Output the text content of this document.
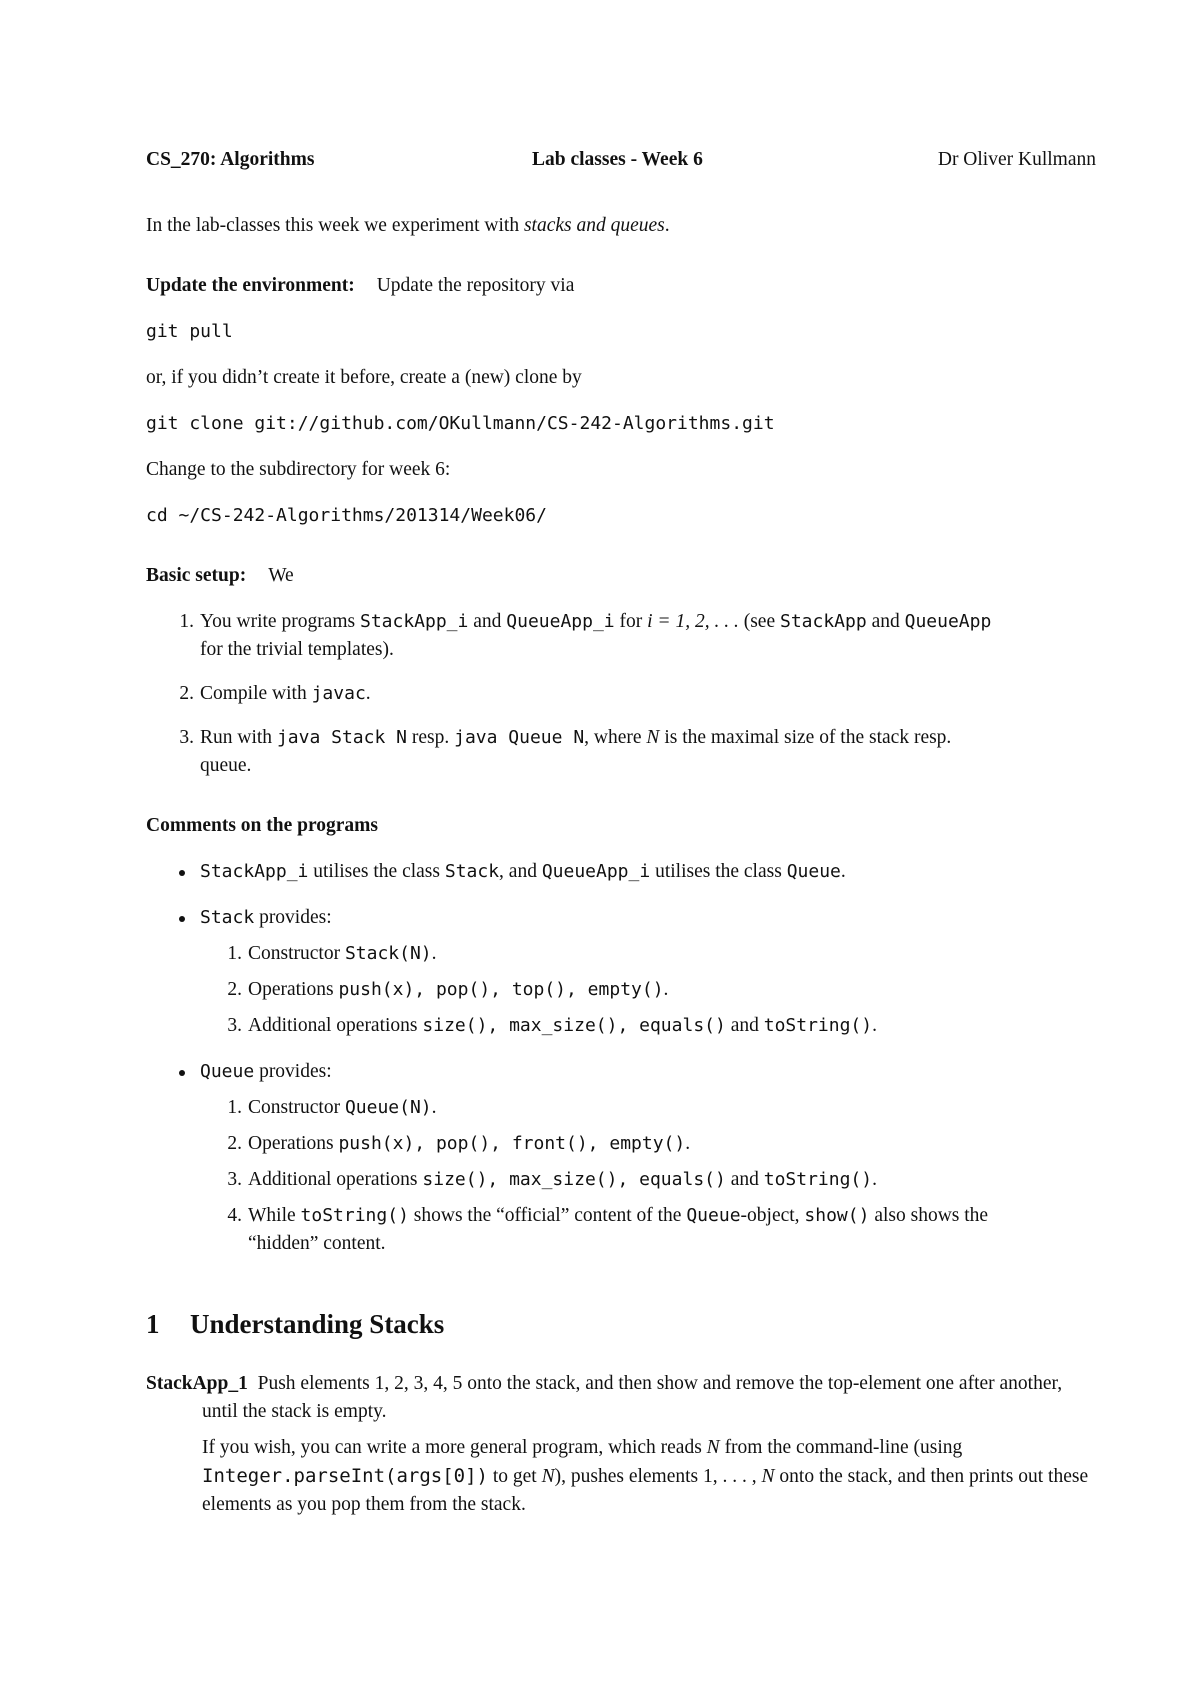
CS_270: Algorithms	Lab classes - Week 6	Dr Oliver Kullmann
In the lab-classes this week we experiment with stacks and queues.
Update the environment: Update the repository via
git pull
or, if you didn’t create it before, create a (new) clone by
git clone git://github.com/OKullmann/CS-242-Algorithms.git
Change to the subdirectory for week 6:
cd ~/CS-242-Algorithms/201314/Week06/
Basic setup: We
1. You write programs StackApp_i and QueueApp_i for i = 1, 2, . . . (see StackApp and QueueApp
for the trivial templates).
2. Compile with javac.
3. Run with java Stack N resp. java Queue N, where N is the maximal size of the stack resp.
queue.
Comments on the programs
StackApp_i utilises the class Stack, and QueueApp_i utilises the class Queue.
Stack provides:
1. Constructor Stack(N).
2. Operations push(x), pop(), top(), empty().
3. Additional operations size(), max_size(), equals() and toString().
Queue provides:
1. Constructor Queue(N).
2. Operations push(x), pop(), front(), empty().
3. Additional operations size(), max_size(), equals() and toString().
4. While toString() shows the “official” content of the Queue-object, show() also shows the
“hidden” content.
1 Understanding Stacks
StackApp_1 Push elements 1, 2, 3, 4, 5 onto the stack, and then show and remove the top-element one after another, until the stack is empty.
If you wish, you can write a more general program, which reads N from the command-line (using Integer.parseInt(args[0]) to get N), pushes elements 1, . . . , N onto the stack, and then prints out these elements as you pop them from the stack.
